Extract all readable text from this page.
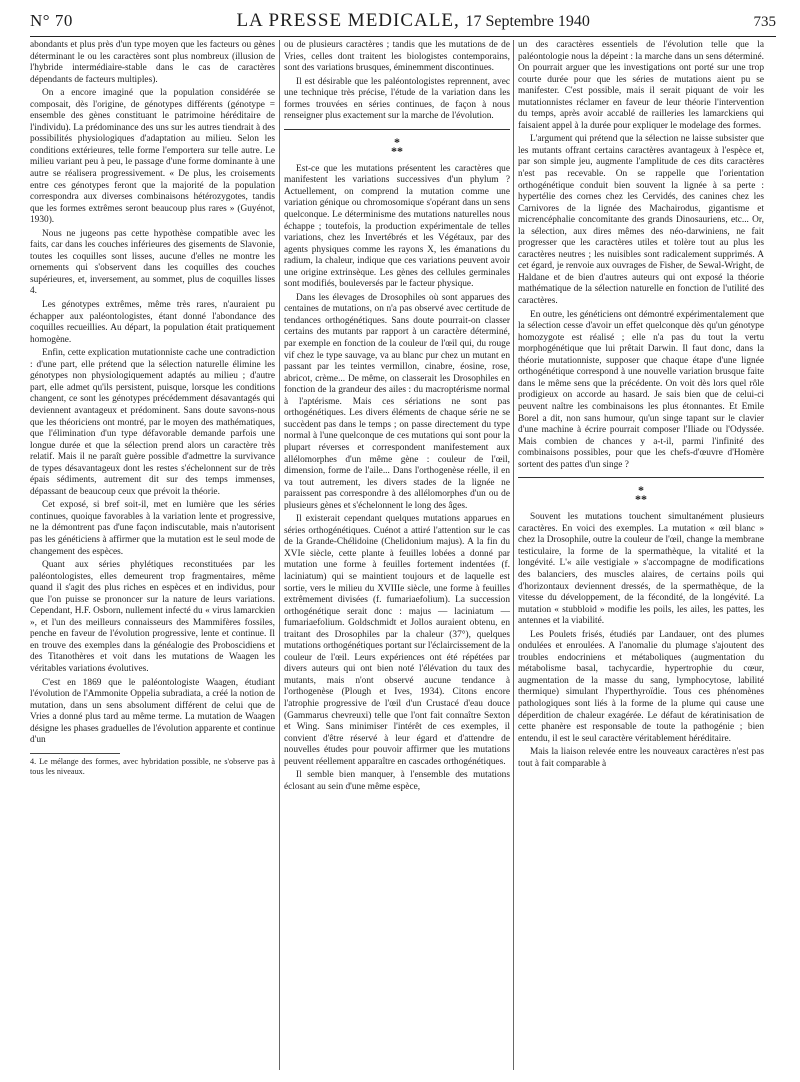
N° 70	LA PRESSE MEDICALE, 17 Septembre 1940	735

abondants et plus près d'un type moyen que les facteurs ou gènes déterminant le ou les caractères sont plus nombreux (illusion de l'hybride intermédiaire-stable dans le cas de caractères dépendants de facteurs multiples).

On a encore imaginé que la population considérée se composait, dès l'origine, de génotypes différents (génotype = ensemble des gènes constituant le patrimoine héréditaire de l'individu). La prédominance des uns sur les autres tiendrait à des possibilités physiologiques d'adaptation au milieu. Selon les conditions extérieures, telle forme l'emportera sur telle autre. Le milieu variant peu à peu, le passage d'une forme dominante à une autre se réalisera progressivement. « De plus, les croisements entre ces génotypes feront que la majorité de la population correspondra aux diverses combinaisons hétérozygotes, tandis que les formes extrêmes seront beaucoup plus rares » (Guyénot, 1930).

Nous ne jugeons pas cette hypothèse compatible avec les faits, car dans les couches inférieures des gisements de Slavonie, toutes les coquilles sont lisses, aucune d'elles ne montre les ornements qui s'observent dans les coquilles des couches supérieures, et, inversement, au sommet, plus de coquilles lisses 4.

Les génotypes extrêmes, même très rares, n'auraient pu échapper aux paléontologistes, étant donné l'abondance des coquilles recueillies. Au départ, la population était pratiquement homogène.

Enfin, cette explication mutationniste cache une contradiction : d'une part, elle prétend que la sélection naturelle élimine les génotypes non physiologiquement adaptés au milieu ; d'autre part, elle admet qu'ils persistent, puisque, lorsque les conditions changent, ce sont les génotypes précédemment désavantagés qui deviennent avantageux et prédominent. Sans doute savons-nous que les théoriciens ont montré, par le moyen des mathématiques, que l'élimination d'un type défavorable demande parfois une longue durée et que la sélection prend alors un caractère très relatif. Mais il ne paraît guère possible d'admettre la survivance de types désavantageux dont les restes s'échelonnent sur de très épais sédiments, autrement dit sur des temps immenses, dépassant de beaucoup ceux que prévoit la théorie.

Cet exposé, si bref soit-il, met en lumière que les séries continues, quoique favorables à la variation lente et progressive, ne la démontrent pas d'une façon indiscutable, mais n'autorisent pas les généticiens à affirmer que la mutation est le seul mode de changement des espèces.

Quant aux séries phylétiques reconstituées par les paléontologistes, elles demeurent trop fragmentaires, même quand il s'agit des plus riches en espèces et en individus, pour que l'on puisse se prononcer sur la nature de leurs variations. Cependant, H.F. Osborn, nullement infecté du « virus lamarckien », et l'un des meilleurs connaisseurs des Mammifères fossiles, penche en faveur de l'évolution progressive, lente et continue. Il en trouve des exemples dans la généalogie des Proboscidiens et des Titanothères et voit dans les mutations de Waagen les véritables variations évolutives.

C'est en 1869 que le paléontologiste Waagen, étudiant l'évolution de l'Ammonite Oppelia subradiata, a créé la notion de mutation, dans un sens absolument différent de celui que de Vries a donné plus tard au même terme. La mutation de Waagen désigne les phases graduelles de l'évolution apparente et continue d'un

4. Le mélange des formes, avec hybridation possible, ne s'observe pas à tous les niveaux.

ou de plusieurs caractères ; tandis que les mutations de de Vries, celles dont traitent les biologistes contemporains, sont des variations brusques, éminemment discontinues.

Il est désirable que les paléontologistes reprennent, avec une technique très précise, l'étude de la variation dans les formes trouvées en séries continues, de façon à nous renseigner plus exactement sur la marche de l'évolution.

*
**

Est-ce que les mutations présentent les caractères que manifestent les variations successives d'un phylum ? Actuellement, on comprend la mutation comme une variation génique ou chromosomique s'opérant dans un sens quelconque. Le déterminisme des mutations naturelles nous échappe ; toutefois, la production expérimentale de telles variations, chez les Invertébrés et les Végétaux, par des agents physiques comme les rayons X, les émanations du radium, la chaleur, indique que ces variations peuvent avoir une origine extrinsèque. Les gènes des cellules germinales sont modifiés, bouleversés par le facteur physique.

Dans les élevages de Drosophiles où sont apparues des centaines de mutations, on n'a pas observé avec certitude de tendances orthogénétiques. Sans doute pourrait-on classer certains des mutants par rapport à un caractère déterminé, par exemple en fonction de la couleur de l'œil qui, du rouge vif chez le type sauvage, va au blanc pur chez un mutant en passant par les teintes vermillon, cinabre, éosine, rose, abricot, crème... De même, on classerait les Drosophiles en fonction de la grandeur des ailes : du macroptérisme normal à l'aptérisme. Mais ces sériations ne sont pas orthogénétiques. Les divers éléments de chaque série ne se succèdent pas dans le temps ; on passe directement du type normal à l'une quelconque de ces mutations qui sont pour la plupart réverses et correspondent manifestement aux allélomorphes d'un même gène : couleur de l'œil, dimension, forme de l'aile... Dans l'orthogenèse réelle, il en va tout autrement, les divers stades de la lignée ne paraissent pas correspondre à des allélomorphes d'un ou de plusieurs gènes et s'échelonnent le long des âges.

Il existerait cependant quelques mutations apparues en séries orthogénétiques. Cuénot a attiré l'attention sur le cas de la Grande-Chélidoine (Chelidonium majus). A la fin du XVIe siècle, cette plante à feuilles lobées a donné par mutation une forme à feuilles fortement indentées (f. laciniatum) qui se maintient toujours et de laquelle est sortie, vers le milieu du XVIIIe siècle, une forme à feuilles extrêmement divisées (f. fumariaefolium). La succession orthogénétique serait donc : majus — laciniatum — fumariaefolium. Goldschmidt et Jollos auraient obtenu, en traitant des Drosophiles par la chaleur (37°), quelques mutations orthogénétiques portant sur l'éclaircissement de la couleur de l'œil. Leurs expériences ont été répétées par divers auteurs qui ont bien noté l'élévation du taux des mutants, mais n'ont observé aucune tendance à l'orthogenèse (Plough et Ives, 1934). Citons encore l'atrophie progressive de l'œil d'un Crustacé d'eau douce (Gammarus chevreuxi) telle que l'ont fait connaître Sexton et Wing. Sans minimiser l'intérêt de ces exemples, il convient d'être réservé à leur égard et d'attendre de nouvelles études pour pouvoir affirmer que les mutations peuvent réellement apparaître en cascades orthogénétiques.

Il semble bien manquer, à l'ensemble des mutations éclosant au sein d'une même espèce,

un des caractères essentiels de l'évolution telle que la paléontologie nous la dépeint : la marche dans un sens déterminé. On pourrait arguer que les investigations ont porté sur une trop courte durée pour que les séries de mutations aient pu se manifester. C'est possible, mais il serait piquant de voir les mutationnistes réclamer en faveur de leur théorie l'intervention du temps, après avoir accablé de railleries les lamarckiens qui faisaient appel à la durée pour expliquer le modelage des formes.

L'argument qui prétend que la sélection ne laisse subsister que les mutants offrant certains caractères avantageux à l'espèce et, par son simple jeu, augmente l'amplitude de ces dits caractères n'est pas recevable. On se rappelle que l'orientation orthogénétique conduit bien souvent la lignée à sa perte : hypertélie des cornes chez les Cervidés, des canines chez les Carnivores de la lignée des Machairodus, gigantisme et micrencéphalie concomitante des grands Dinosauriens, etc... Or, la sélection, aux dires mêmes des néo-darwiniens, ne fait progresser que les caractères utiles et tolère tout au plus les caractères neutres ; les nuisibles sont radicalement supprimés. A cet égard, je renvoie aux ouvrages de Fisher, de Sewal-Wright, de Haldane et de bien d'autres auteurs qui ont exposé la théorie mathématique de la sélection naturelle en fonction de l'utilité des caractères.

En outre, les généticiens ont démontré expérimentalement que la sélection cesse d'avoir un effet quelconque dès qu'un génotype homozygote est réalisé ; elle n'a pas du tout la vertu morphogénétique que lui prêtait Darwin. Il faut donc, dans la théorie mutationniste, supposer que chaque étape d'une lignée orthogénétique correspond à une nouvelle variation brusque faite dans le même sens que la précédente. On voit dès lors quel rôle prodigieux on accorde au hasard. Je sais bien que de celui-ci peuvent naître les combinaisons les plus étonnantes. Et Emile Borel a dit, non sans humour, qu'un singe tapant sur le clavier d'une machine à écrire pourrait composer l'Iliade ou l'Odyssée. Mais combien de chances y a-t-il, parmi l'infinité des combinaisons possibles, pour que les chefs-d'œuvre d'Homère sortent des pattes d'un singe ?

*
**

Souvent les mutations touchent simultanément plusieurs caractères. En voici des exemples. La mutation « œil blanc » chez la Drosophile, outre la couleur de l'œil, change la membrane testiculaire, la forme de la spermathèque, la vitalité et la longévité. L'« aile vestigiale » s'accompagne de modifications des balanciers, des muscles alaires, de certains poils qui d'horizontaux deviennent dressés, de la spermathèque, de la vitesse du développement, de la fécondité, de la longévité. La mutation « stubbloid » modifie les poils, les ailes, les pattes, les antennes et la viabilité.

Les Poulets frisés, étudiés par Landauer, ont des plumes ondulées et enroulées. A l'anomalie du plumage s'ajoutent des troubles endocriniens et métaboliques (augmentation du métabolisme basal, tachycardie, hypertrophie du cœur, augmentation de la masse du sang, lymphocytose, labilité thermique) simulant l'hyperthyroïdie. Tous ces phénomènes pathologiques sont liés à la forme de la plume qui cause une déperdition de chaleur exagérée. Le défaut de kératinisation de cette phanère est responsable de toute la pathogénie ; bien entendu, il est le seul caractère véritablement héréditaire.

Mais la liaison relevée entre les nouveaux caractères n'est pas tout à fait comparable à
